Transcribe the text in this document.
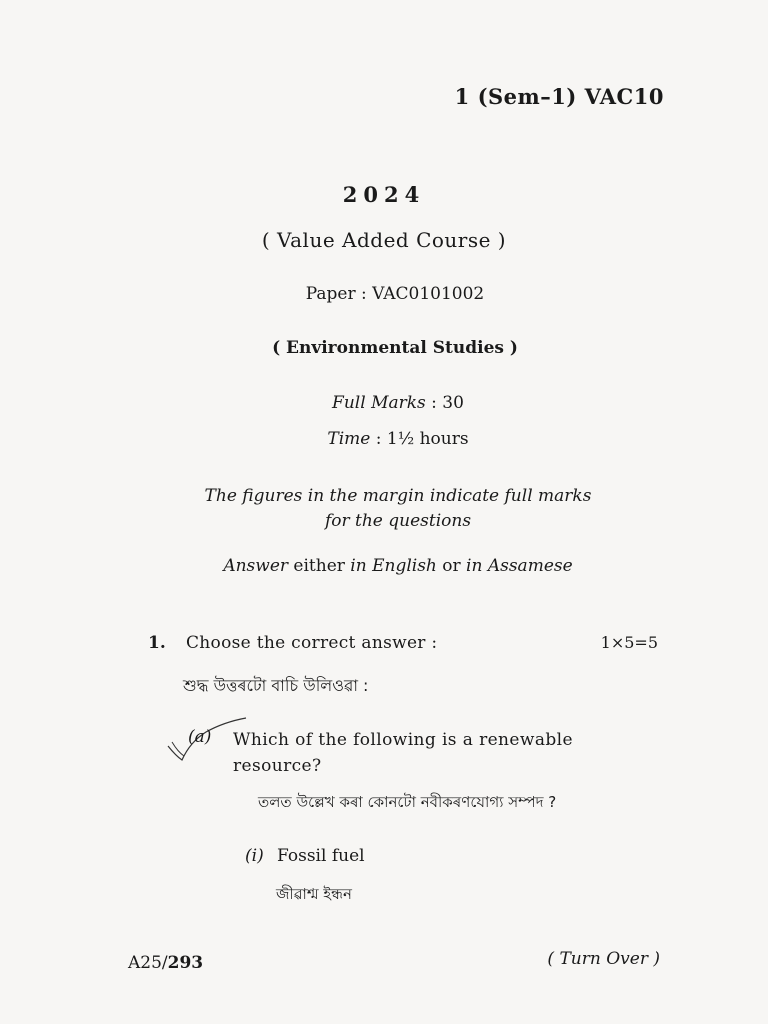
1 (Sem–1) VAC10
2024
( Value Added Course )
Paper : VAC0101002
( Environmental Studies )
Full Marks : 30
Time : 1½ hours
The figures in the margin indicate full marks
for the questions
Answer either in English or in Assamese
1. Choose the correct answer :	1×5=5
শুদ্ধ উত্তৰটো বাচি উলিওৱা :
(a) Which of the following is a renewable
resource?
তলত উল্লেখ কৰা কোনটো নবীকৰণযোগ্য সম্পদ ?
(i) Fossil fuel
জীৱাশ্ম ইন্ধন
A25/293	( Turn Over )
